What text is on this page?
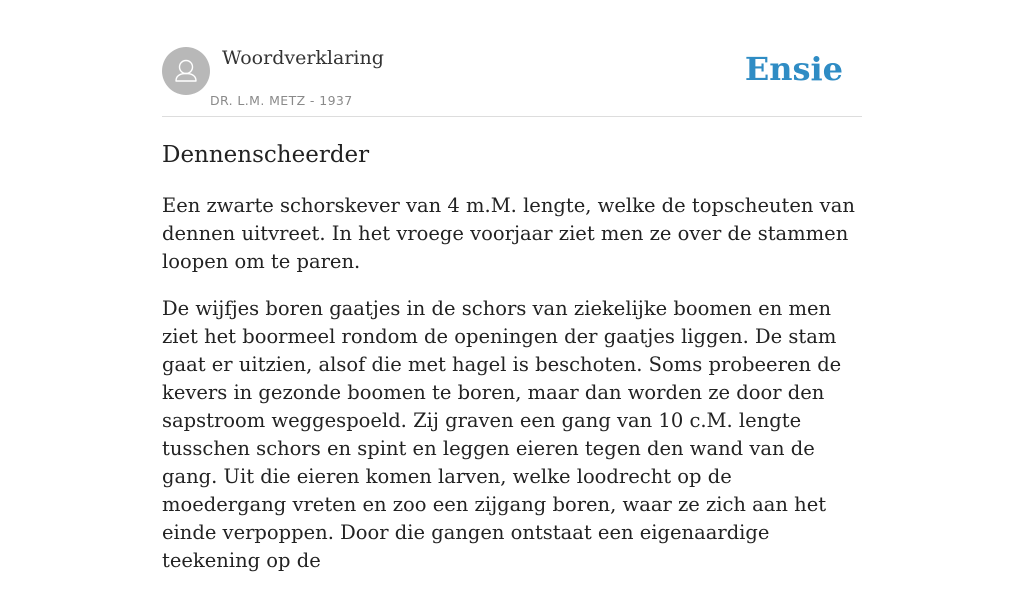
Woordverklaring
DR. L.M. METZ - 1937
Ensie
Dennenscheerder

Een zwarte schorskever van 4 m.M. lengte, welke de topscheuten van dennen uitvreet. In het vroege voorjaar ziet men ze over de stammen loopen om te paren.

De wijfjes boren gaatjes in de schors van ziekelijke boomen en men ziet het boormeel rondom de openingen der gaatjes liggen. De stam gaat er uitzien, alsof die met hagel is beschoten. Soms probeeren de kevers in gezonde boomen te boren, maar dan worden ze door den sapstroom weggespoeld. Zij graven een gang van 10 c.M. lengte tusschen schors en spint en leggen eieren tegen den wand van de gang. Uit die eieren komen larven, welke loodrecht op de moedergang vreten en zoo een zijgang boren, waar ze zich aan het einde verpoppen. Door die gangen ontstaat een eigenaardige teekening op de
